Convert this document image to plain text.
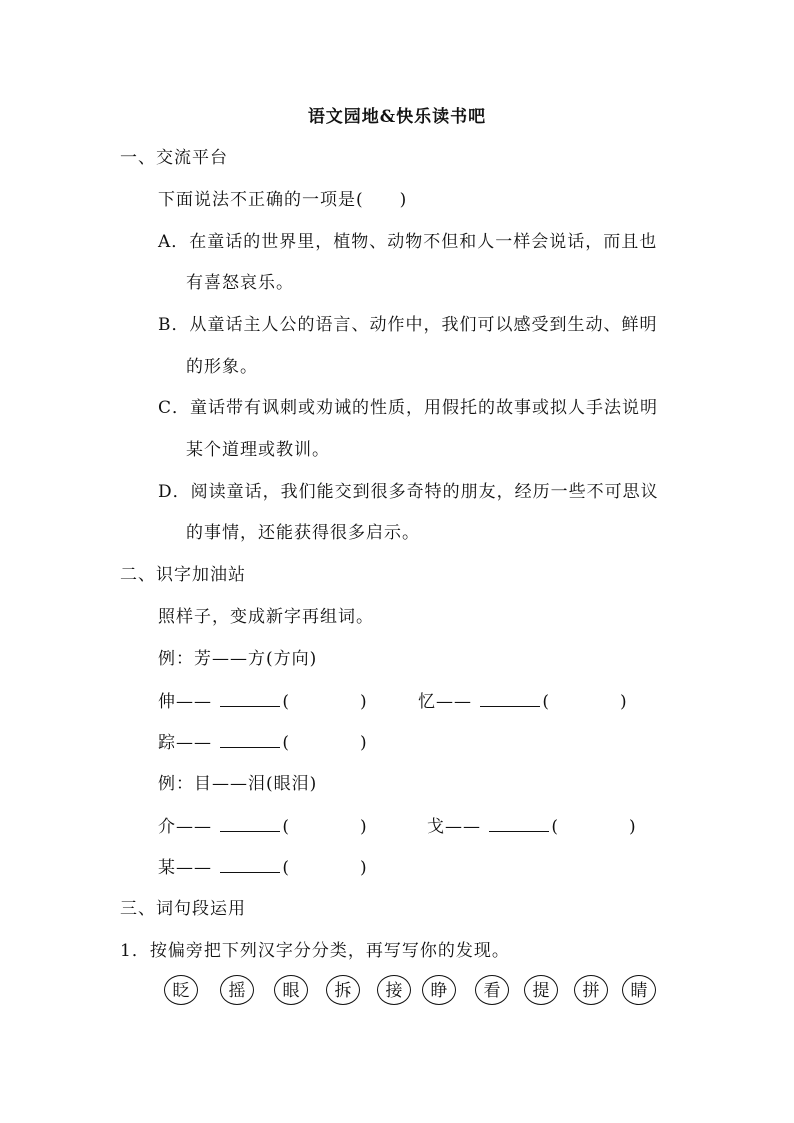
语文园地&快乐读书吧
一、交流平台
下面说法不正确的一项是(　　)
A．在童话的世界里，植物、动物不但和人一样会说话，而且也
有喜怒哀乐。
B．从童话主人公的语言、动作中，我们可以感受到生动、鲜明
的形象。
C．童话带有讽刺或劝诫的性质，用假托的故事或拟人手法说明
某个道理或教训。
D．阅读童话，我们能交到很多奇特的朋友，经历一些不可思议
的事情，还能获得很多启示。
二、识字加油站
照样子，变成新字再组词。
例：芳——方(方向)
伸——	(	)	忆——	(	)
踪——	(	)
例：目——泪(眼泪)
介——	(	)	戈——	(	)
某——	(	)
三、词句段运用
1．按偏旁把下列汉字分分类，再写写你的发现。
眨	摇	眼	拆	接	睁	看	提	拼	睛
